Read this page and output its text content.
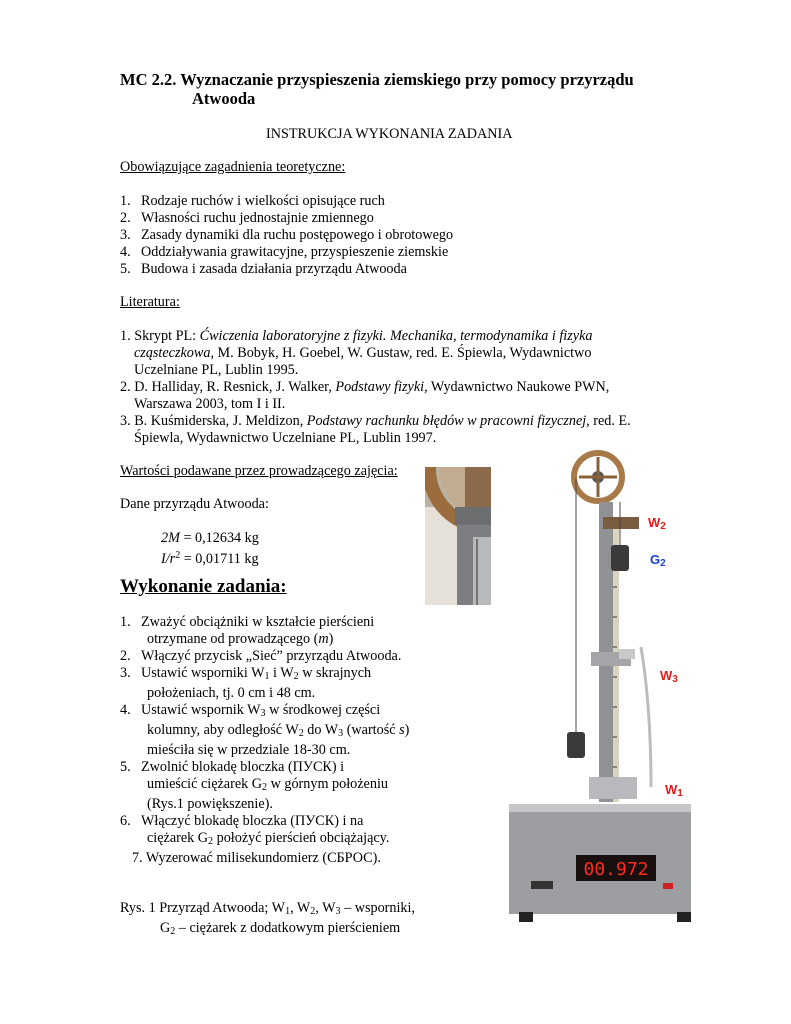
MC 2.2. Wyznaczanie przyspieszenia ziemskiego przy pomocy przyrządu
Atwooda
INSTRUKCJA WYKONANIA ZADANIA
Obowiązujące zagadnienia teoretyczne:
1. Rodzaje ruchów i wielkości opisujące ruch
2. Własności ruchu jednostajnie zmiennego
3. Zasady dynamiki dla ruchu postępowego i obrotowego
4. Oddziaływania grawitacyjne, przyspieszenie ziemskie
5. Budowa i zasada działania przyrządu Atwooda
Literatura:
1. Skrypt PL: Ćwiczenia laboratoryjne z fizyki. Mechanika, termodynamika i fizyka
cząsteczkowa, M. Bobyk, H. Goebel, W. Gustaw, red. E. Śpiewla, Wydawnictwo
Uczelniane PL, Lublin 1995.
2. D. Halliday, R. Resnick, J. Walker, Podstawy fizyki, Wydawnictwo Naukowe PWN,
Warszawa 2003, tom I i II.
3. B. Kuśmiderska, J. Meldizon, Podstawy rachunku błędów w pracowni fizycznej, red. E.
Śpiewla, Wydawnictwo Uczelniane PL, Lublin 1997.
Wartości podawane przez prowadzącego zajęcia:
Dane przyrządu Atwooda:
2M = 0,12634 kg
$I/r^2 = 0,01711$ kg
Wykonanie zadania:
1. Zważyć obciążniki w kształcie pierścieni
otrzymane od prowadzącego (m)
2. Włączyć przycisk „Sieć” przyrządu Atwooda.
3. Ustawić wsporniki $W_1$ i $W_2$ w skrajnych
położeniach, tj. 0 cm i 48 cm.
4. Ustawić wspornik $W_3$ w środkowej części
kolumny, aby odległość $W_2$ do $W_3$ (wartość s)
mieściła się w przedziale 18-30 cm.
5. Zwolnić blokadę bloczka (ПУСК) i
umieścić ciężarek $G_2$ w górnym położeniu
(Rys.1 powiększenie).
6. Włączyć blokadę bloczka (ПУСК) i na
ciężarek $G_2$ położyć pierścień obciążający.
7. Wyzerować milisekundomierz (СБРОС).
Rys. 1 Przyrząd Atwooda; $W_1$, $W_2$, $W_3$ – wsporniki,
$G_2$ – ciężarek z dodatkowym pierścieniem
00.972
$W_2$
$G_2$
$W_3$
$W_1$
